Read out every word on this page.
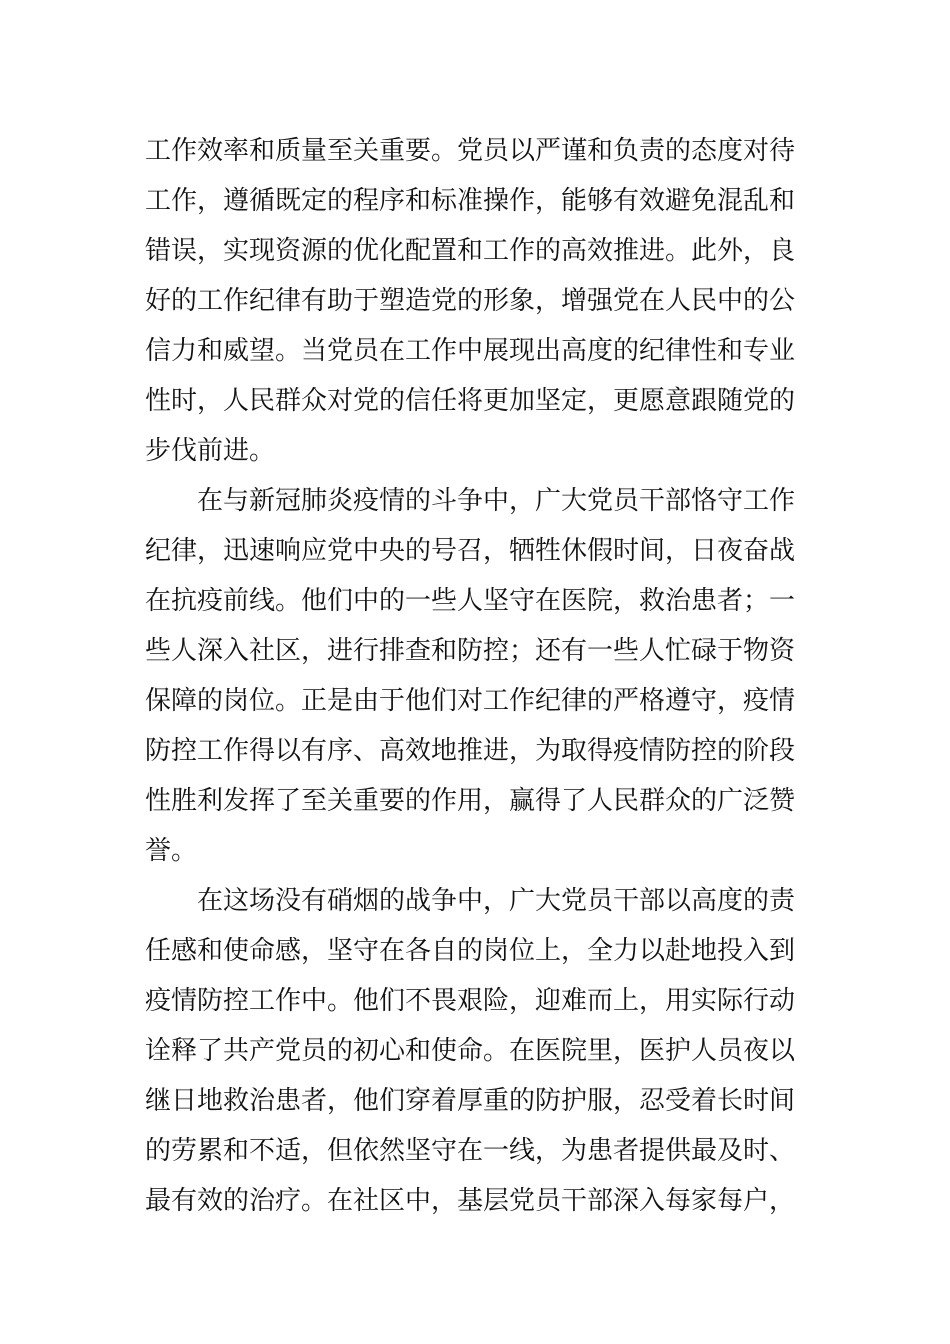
工作效率和质量至关重要。党员以严谨和负责的态度对待
工作，遵循既定的程序和标准操作，能够有效避免混乱和
错误，实现资源的优化配置和工作的高效推进。此外，良
好的工作纪律有助于塑造党的形象，增强党在人民中的公
信力和威望。当党员在工作中展现出高度的纪律性和专业
性时，人民群众对党的信任将更加坚定，更愿意跟随党的
步伐前进。
在与新冠肺炎疫情的斗争中，广大党员干部恪守工作
纪律，迅速响应党中央的号召，牺牲休假时间，日夜奋战
在抗疫前线。他们中的一些人坚守在医院，救治患者；一
些人深入社区，进行排查和防控；还有一些人忙碌于物资
保障的岗位。正是由于他们对工作纪律的严格遵守，疫情
防控工作得以有序、高效地推进，为取得疫情防控的阶段
性胜利发挥了至关重要的作用，赢得了人民群众的广泛赞
誉。
在这场没有硝烟的战争中，广大党员干部以高度的责
任感和使命感，坚守在各自的岗位上，全力以赴地投入到
疫情防控工作中。他们不畏艰险，迎难而上，用实际行动
诠释了共产党员的初心和使命。在医院里，医护人员夜以
继日地救治患者，他们穿着厚重的防护服，忍受着长时间
的劳累和不适，但依然坚守在一线，为患者提供最及时、
最有效的治疗。在社区中，基层党员干部深入每家每户，
